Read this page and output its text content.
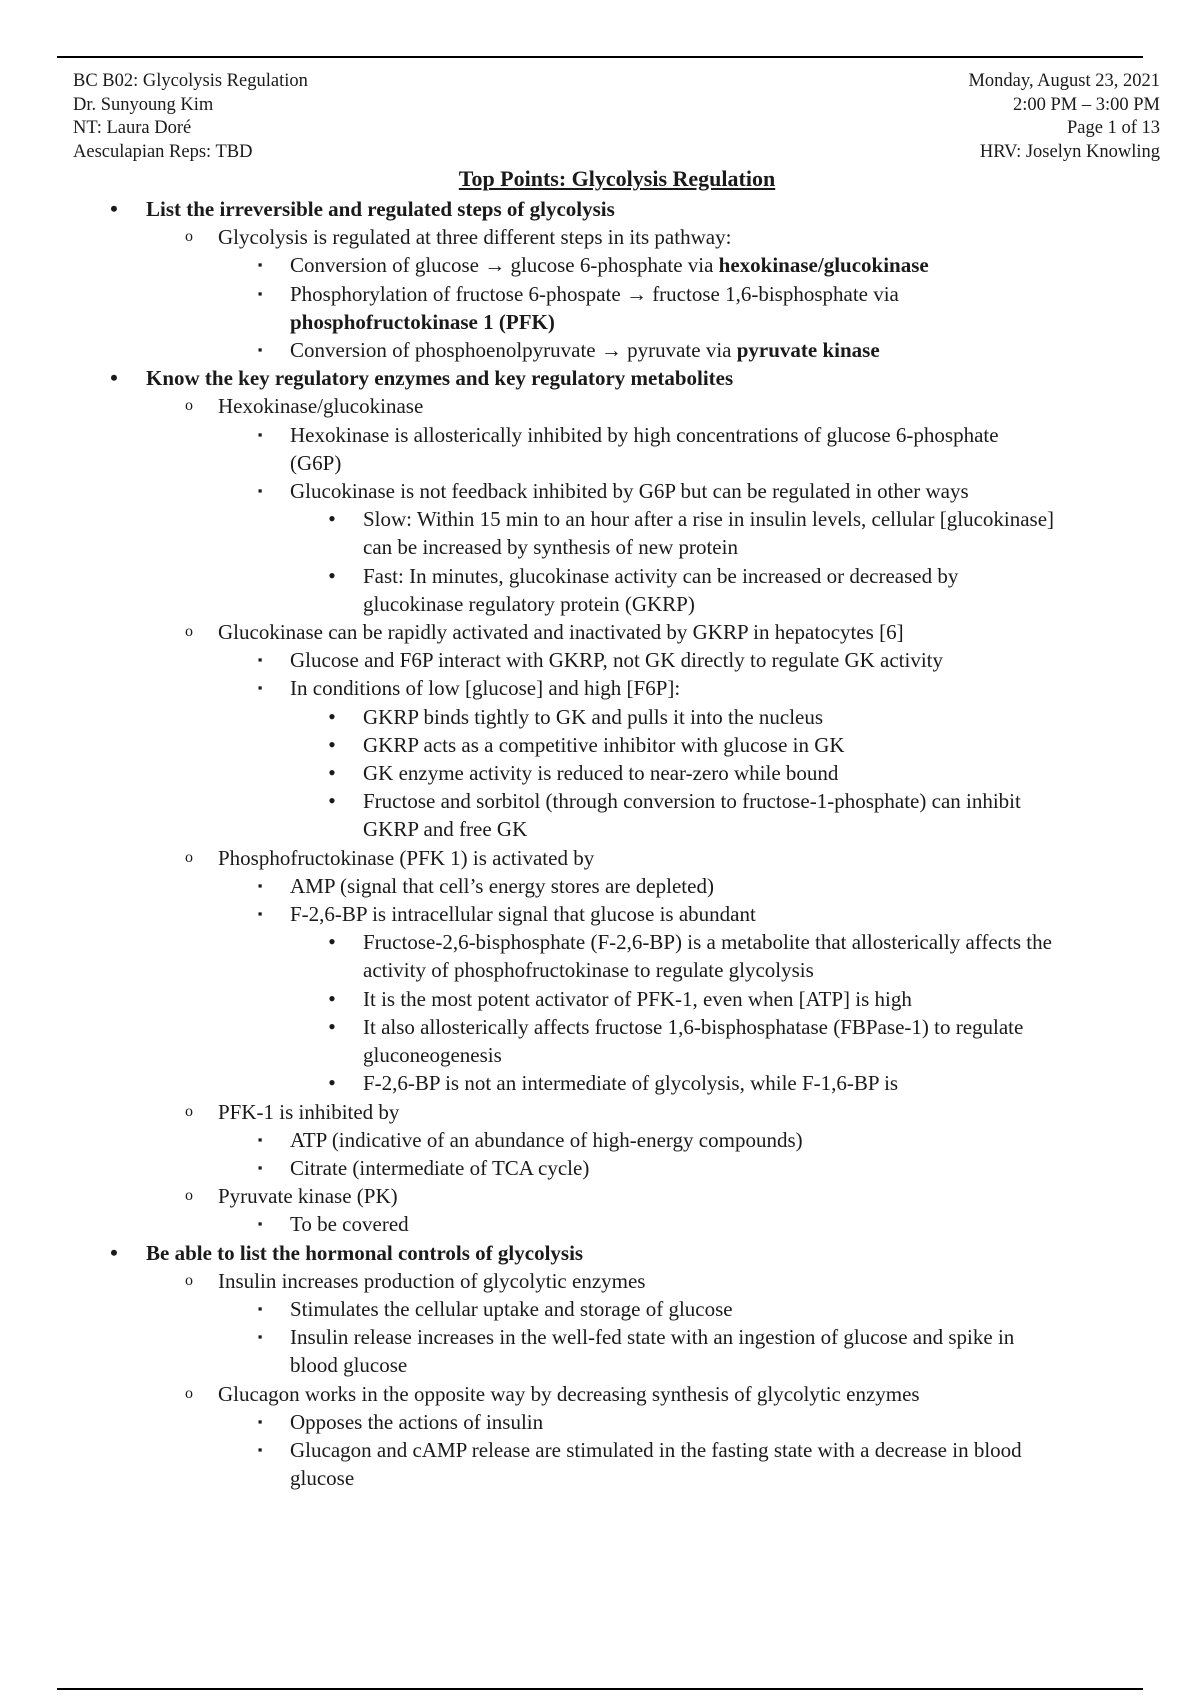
BC B02: Glycolysis Regulation
Dr. Sunyoung Kim
NT: Laura Doré
Aesculapian Reps: TBD
Monday, August 23, 2021
2:00 PM – 3:00 PM
Page 1 of 13
HRV: Joselyn Knowling
Top Points: Glycolysis Regulation
•	List the irreversible and regulated steps of glycolysis
o	Glycolysis is regulated at three different steps in its pathway:
▪	Conversion of glucose → glucose 6-phosphate via hexokinase/glucokinase
▪	Phosphorylation of fructose 6-phospate → fructose 1,6-bisphosphate via
phosphofructokinase 1 (PFK)
▪	Conversion of phosphoenolpyruvate → pyruvate via pyruvate kinase
•	Know the key regulatory enzymes and key regulatory metabolites
o	Hexokinase/glucokinase
▪	Hexokinase is allosterically inhibited by high concentrations of glucose 6-phosphate
(G6P)
▪	Glucokinase is not feedback inhibited by G6P but can be regulated in other ways
•	Slow: Within 15 min to an hour after a rise in insulin levels, cellular [glucokinase]
can be increased by synthesis of new protein
•	Fast: In minutes, glucokinase activity can be increased or decreased by
glucokinase regulatory protein (GKRP)
o	Glucokinase can be rapidly activated and inactivated by GKRP in hepatocytes [6]
▪	Glucose and F6P interact with GKRP, not GK directly to regulate GK activity
▪	In conditions of low [glucose] and high [F6P]:
•	GKRP binds tightly to GK and pulls it into the nucleus
•	GKRP acts as a competitive inhibitor with glucose in GK
•	GK enzyme activity is reduced to near-zero while bound
•	Fructose and sorbitol (through conversion to fructose-1-phosphate) can inhibit
GKRP and free GK
o	Phosphofructokinase (PFK 1) is activated by
▪	AMP (signal that cell’s energy stores are depleted)
▪	F-2,6-BP is intracellular signal that glucose is abundant
•	Fructose-2,6-bisphosphate (F-2,6-BP) is a metabolite that allosterically affects the
activity of phosphofructokinase to regulate glycolysis
•	It is the most potent activator of PFK-1, even when [ATP] is high
•	It also allosterically affects fructose 1,6-bisphosphatase (FBPase-1) to regulate
gluconeogenesis
•	F-2,6-BP is not an intermediate of glycolysis, while F-1,6-BP is
o	PFK-1 is inhibited by
▪	ATP (indicative of an abundance of high-energy compounds)
▪	Citrate (intermediate of TCA cycle)
o	Pyruvate kinase (PK)
▪	To be covered
•	Be able to list the hormonal controls of glycolysis
o	Insulin increases production of glycolytic enzymes
▪	Stimulates the cellular uptake and storage of glucose
▪	Insulin release increases in the well-fed state with an ingestion of glucose and spike in
blood glucose
o	Glucagon works in the opposite way by decreasing synthesis of glycolytic enzymes
▪	Opposes the actions of insulin
▪	Glucagon and cAMP release are stimulated in the fasting state with a decrease in blood
glucose
